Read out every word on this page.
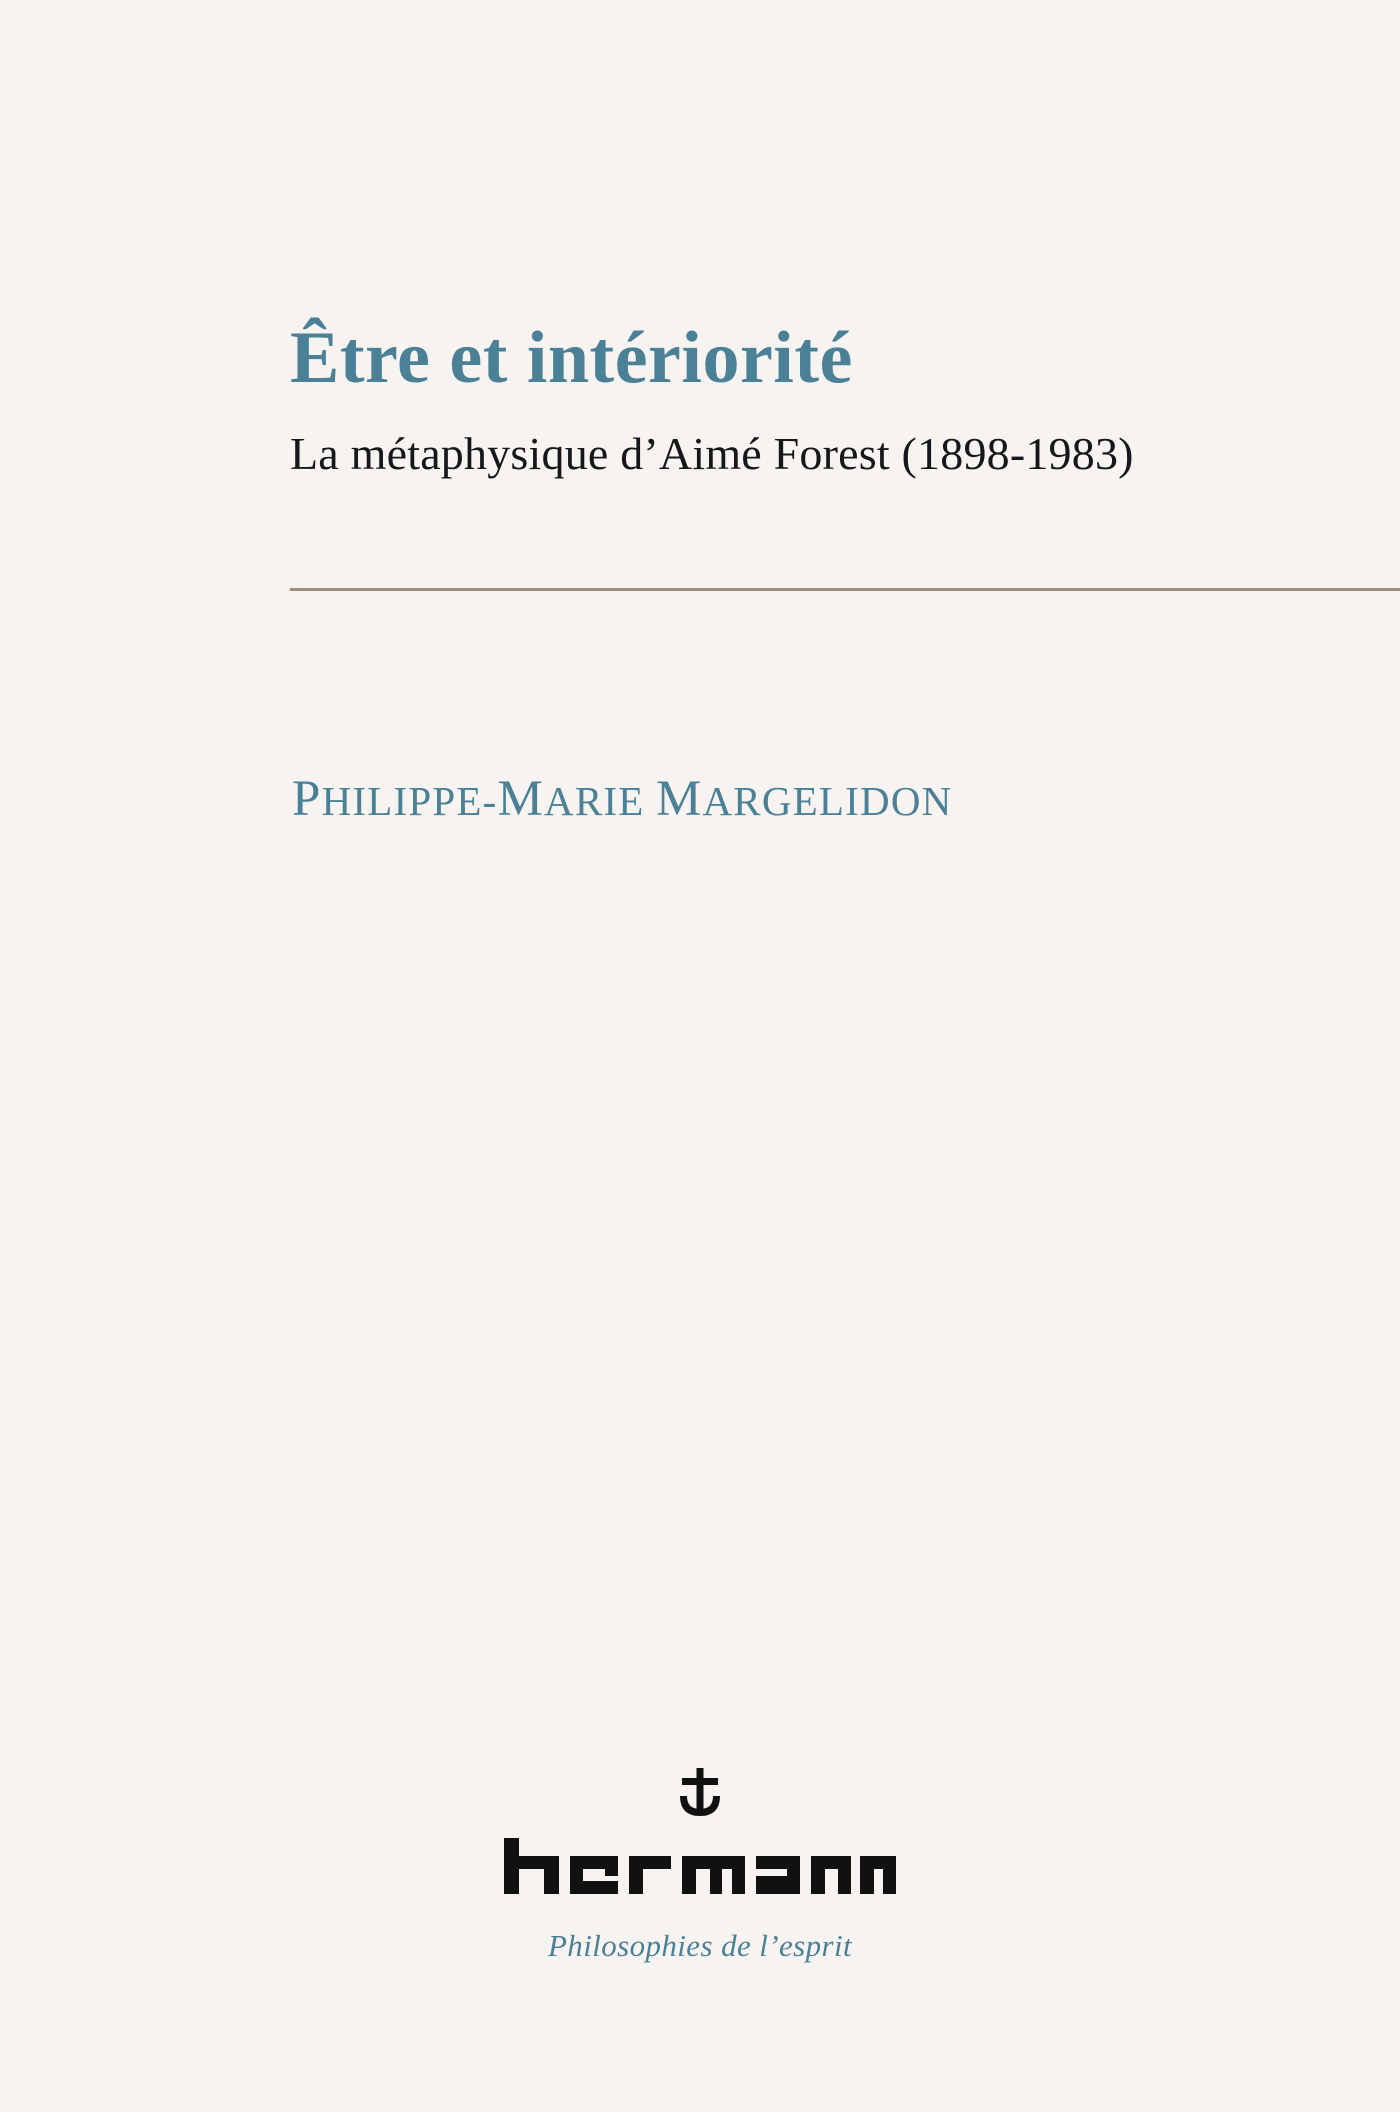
Être et intériorité
La métaphysique d’Aimé Forest (1898-1983)
PHILIPPE-MARIE MARGELIDON
Philosophies de l’esprit
